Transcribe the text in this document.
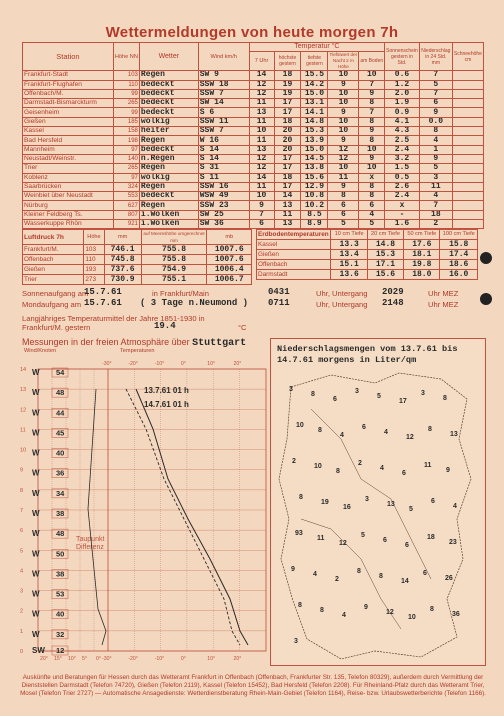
Wettermeldungen von heute morgen 7h
Station	Höhe NN	Wetter	Wind km/h	Temperatur °C					Sonnenschein gestern in Std.	Niederschlag in 24 Std. mm	Schneehöhe cm
				7 Uhr	höchste gestern	tiefste gestern	Tiefstwert der Nacht 2 m Höhe	am Boden			
Frankfurt-Stadt	103	Regen	SW 9	14	18	15.5	10	10	0.6	7	
Frankfurt-Flughafen	110	bedeckt	SSW 18	12	19	14.2	9	7	1.2	5	
Offenbach/M.	99	bedeckt	SSW 7	12	19	15.0	10	9	2.0	7	
Darmstadt-Bismarckturm	265	bedeckt	SW 14	11	17	13.1	10	8	1.9	6	
Geisenheim	99	bedeckt	S 6	13	17	14.1	9	7	0.9	9	
Gießen	185	wolkig	SSW 11	11	18	14.8	10	8	4.1	0.0	
Kassel	158	heiter	SSW 7	10	20	15.3	10	9	4.3	8	
Bad Hersfeld	198	Regen	W 16	11	20	13.9	9	8	2.5	4	
Mannheim	97	bedeckt	S 14	13	20	15.0	12	10	2.4	1	
Neustadt/Weinstr.	140	n.Regen	S 14	12	17	14.5	12	9	3.2	9	
Trier	265	Regen	S 31	12	17	13.8	10	10	1.5	5	
Koblenz	97	wolkig	S 11	14	18	15.6	11	x	0.5	3	
Saarbrücken	324	Regen	SSW 16	11	17	12.9	9	8	2.6	11	
Weinbiet über Neustadt	553	bedeckt	WSW 49	10	14	10.8	8	8	2.4	4	
Nürburg	627	Regen	SSW 23	9	13	10.2	6	6	x	7	
Kleiner Feldberg Ts.	807	i.Wolken	SW 25	7	11	8.5	6	4	-	18	
Wasserkuppe Rhön	921	i.Wolken	SW 36	6	13	8.9	5	5	1.6	2	
Luftdruck 7h	Höhe	mm	auf Meereshöhe umgerechnet mm	mb
Frankfurt/M.	103	746.1	755.8	1007.6
Offenbach	110	745.8	755.8	1007.6
Gießen	193	737.6	754.9	1006.4
Trier	273	730.9	755.1	1006.7
Erdbodentemperaturen	10 cm Tiefe	20 cm Tiefe	50 cm Tiefe	100 cm Tiefe
Kassel	13.3	14.8	17.6	15.8
Gießen	13.4	15.3	18.1	17.4
Offenbach	15.1	17.1	19.8	18.6
Darmstadt	13.6	15.6	18.0	16.0
Sonnenaufgang am
15.7.61	in Frankfurt/Main	0431	Uhr, Untergang 2029	Uhr MEZ
Mondaufgang am 15.7.61 ( 3 Tage n.Neumond ) 0711	Uhr, Untergang 2148	Uhr MEZ
Langjähriges Temperaturmittel der Jahre 1851-1930 in
Frankfurt/M. gestern	19.4	°C
Messungen in der freien Atmosphäre über Stuttgart
Wind/Knoten	Temperaturen
14
13
12
11
10
9
8
7
6
5
4
3
2
1
0
-30°	-20°	-10°	0°	10°	20°
20° 15° 10° 5° 0° -30°	-20°	-10°	0°	10°	20°
W 54
W 48
W 44
W 45
W 40
W 36
W 34
W 38
W 48
W 50
W 38
W 53
W 40
W 32
SW 12
13.7.61 01 h
14.7.61 01 h
Taupunkt
Differenz
Niederschlagsmengen vom 13.7.61 bis 14.7.61 morgens in Liter/qm
3
8
6
3
5
17
3
8
10
8
4
6
4
12
8
13
2
10
8
2
4
6
11
9
8
19
16
3
13
5
6
4
93
11
12
5
6
6
18
23
9
4
2
8
8
14
6
26
8
8
4
9
12
10
8
36
3
Auskünfte und Beratungen für Hessen durch das Wetteramt Frankfurt in Offenbach (Offenbach, Frankfurter Str. 135, Telefon 80329), außerdem durch Vermittlung der Dienststellen Darmstadt (Telefon 74720), Gießen (Telefon 2119), Kassel (Telefon 15452), Bad Hersfeld (Telefon 2208). Für Rheinland-Pfalz durch das Wetteramt Trier, Mosel (Telefon Trier 2727) — Automatische Ansagedienste: Wetterdienstberatung Rhein-Main-Gebiet (Telefon 1164), Reise- bzw. Urlaubswetterberichte (Telefon 1166).
